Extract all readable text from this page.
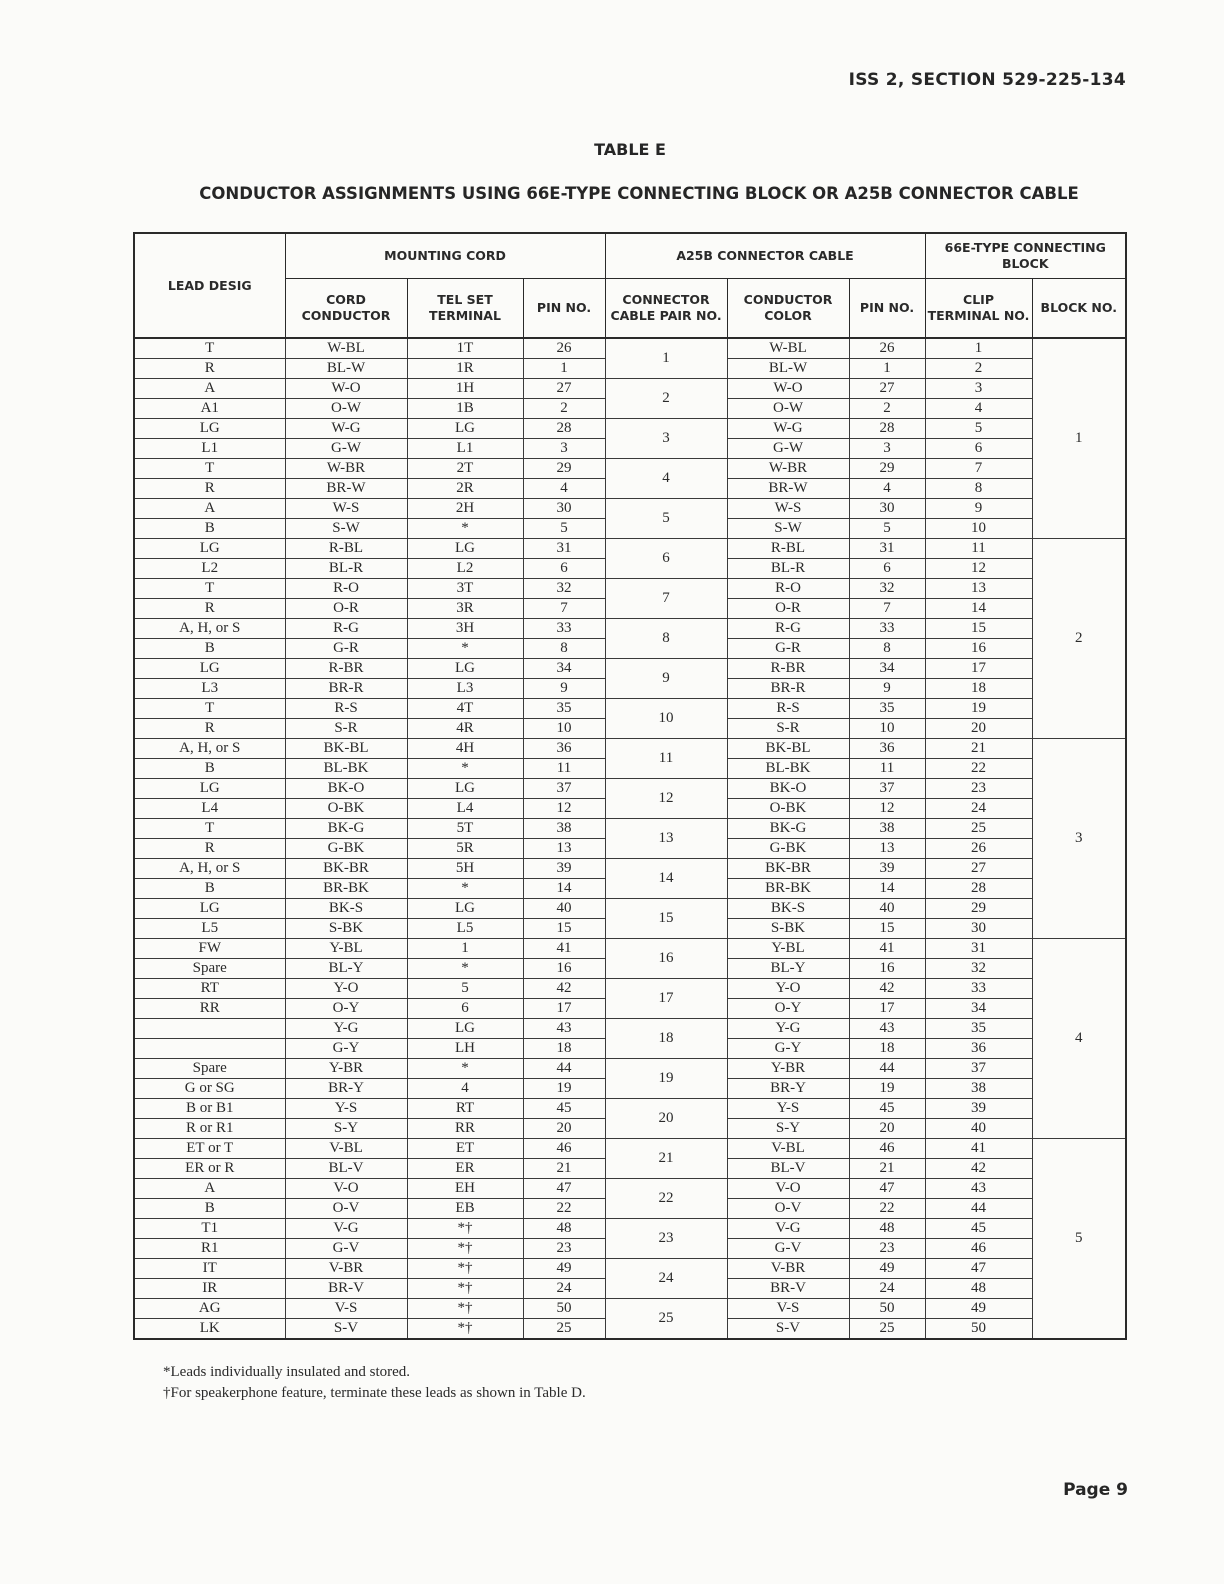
ISS 2, SECTION 529-225-134
TABLE E
CONDUCTOR ASSIGNMENTS USING 66E-TYPE CONNECTING BLOCK OR A25B CONNECTOR CABLE
LEAD DESIG	MOUNTING CORD			A25B CONNECTOR CABLE			66E-TYPE CONNECTING BLOCK	
	CORD CONDUCTOR	TEL SET TERMINAL	PIN NO.	CONNECTOR CABLE PAIR NO.	CONDUCTOR COLOR	PIN NO.	CLIP TERMINAL NO.	BLOCK NO.
T	W-BL	1T	26	1	W-BL	26	1	1
R	BL-W	1R	1		BL-W	1	2	
A	W-O	1H	27	2	W-O	27	3	
A1	O-W	1B	2		O-W	2	4	
LG	W-G	LG	28	3	W-G	28	5	
L1	G-W	L1	3		G-W	3	6	
T	W-BR	2T	29	4	W-BR	29	7	
R	BR-W	2R	4		BR-W	4	8	
A	W-S	2H	30	5	W-S	30	9	
B	S-W	*	5		S-W	5	10	
LG	R-BL	LG	31	6	R-BL	31	11	2
L2	BL-R	L2	6		BL-R	6	12	
T	R-O	3T	32	7	R-O	32	13	
R	O-R	3R	7		O-R	7	14	
A, H, or S	R-G	3H	33	8	R-G	33	15	
B	G-R	*	8		G-R	8	16	
LG	R-BR	LG	34	9	R-BR	34	17	
L3	BR-R	L3	9		BR-R	9	18	
T	R-S	4T	35	10	R-S	35	19	
R	S-R	4R	10		S-R	10	20	
A, H, or S	BK-BL	4H	36	11	BK-BL	36	21	3
B	BL-BK	*	11		BL-BK	11	22	
LG	BK-O	LG	37	12	BK-O	37	23	
L4	O-BK	L4	12		O-BK	12	24	
T	BK-G	5T	38	13	BK-G	38	25	
R	G-BK	5R	13		G-BK	13	26	
A, H, or S	BK-BR	5H	39	14	BK-BR	39	27	
B	BR-BK	*	14		BR-BK	14	28	
LG	BK-S	LG	40	15	BK-S	40	29	
L5	S-BK	L5	15		S-BK	15	30	
FW	Y-BL	1	41	16	Y-BL	41	31	4
Spare	BL-Y	*	16		BL-Y	16	32	
RT	Y-O	5	42	17	Y-O	42	33	
RR	O-Y	6	17		O-Y	17	34	
	Y-G	LG	43	18	Y-G	43	35	
	G-Y	LH	18		G-Y	18	36	
Spare	Y-BR	*	44	19	Y-BR	44	37	
G or SG	BR-Y	4	19		BR-Y	19	38	
B or B1	Y-S	RT	45	20	Y-S	45	39	
R or R1	S-Y	RR	20		S-Y	20	40	
ET or T	V-BL	ET	46	21	V-BL	46	41	5
ER or R	BL-V	ER	21		BL-V	21	42	
A	V-O	EH	47	22	V-O	47	43	
B	O-V	EB	22		O-V	22	44	
T1	V-G	*†	48	23	V-G	48	45	
R1	G-V	*†	23		G-V	23	46	
IT	V-BR	*†	49	24	V-BR	49	47	
IR	BR-V	*†	24		BR-V	24	48	
AG	V-S	*†	50	25	V-S	50	49	
LK	S-V	*†	25		S-V	25	50	
*Leads individually insulated and stored.
†For speakerphone feature, terminate these leads as shown in Table D.
Page 9
